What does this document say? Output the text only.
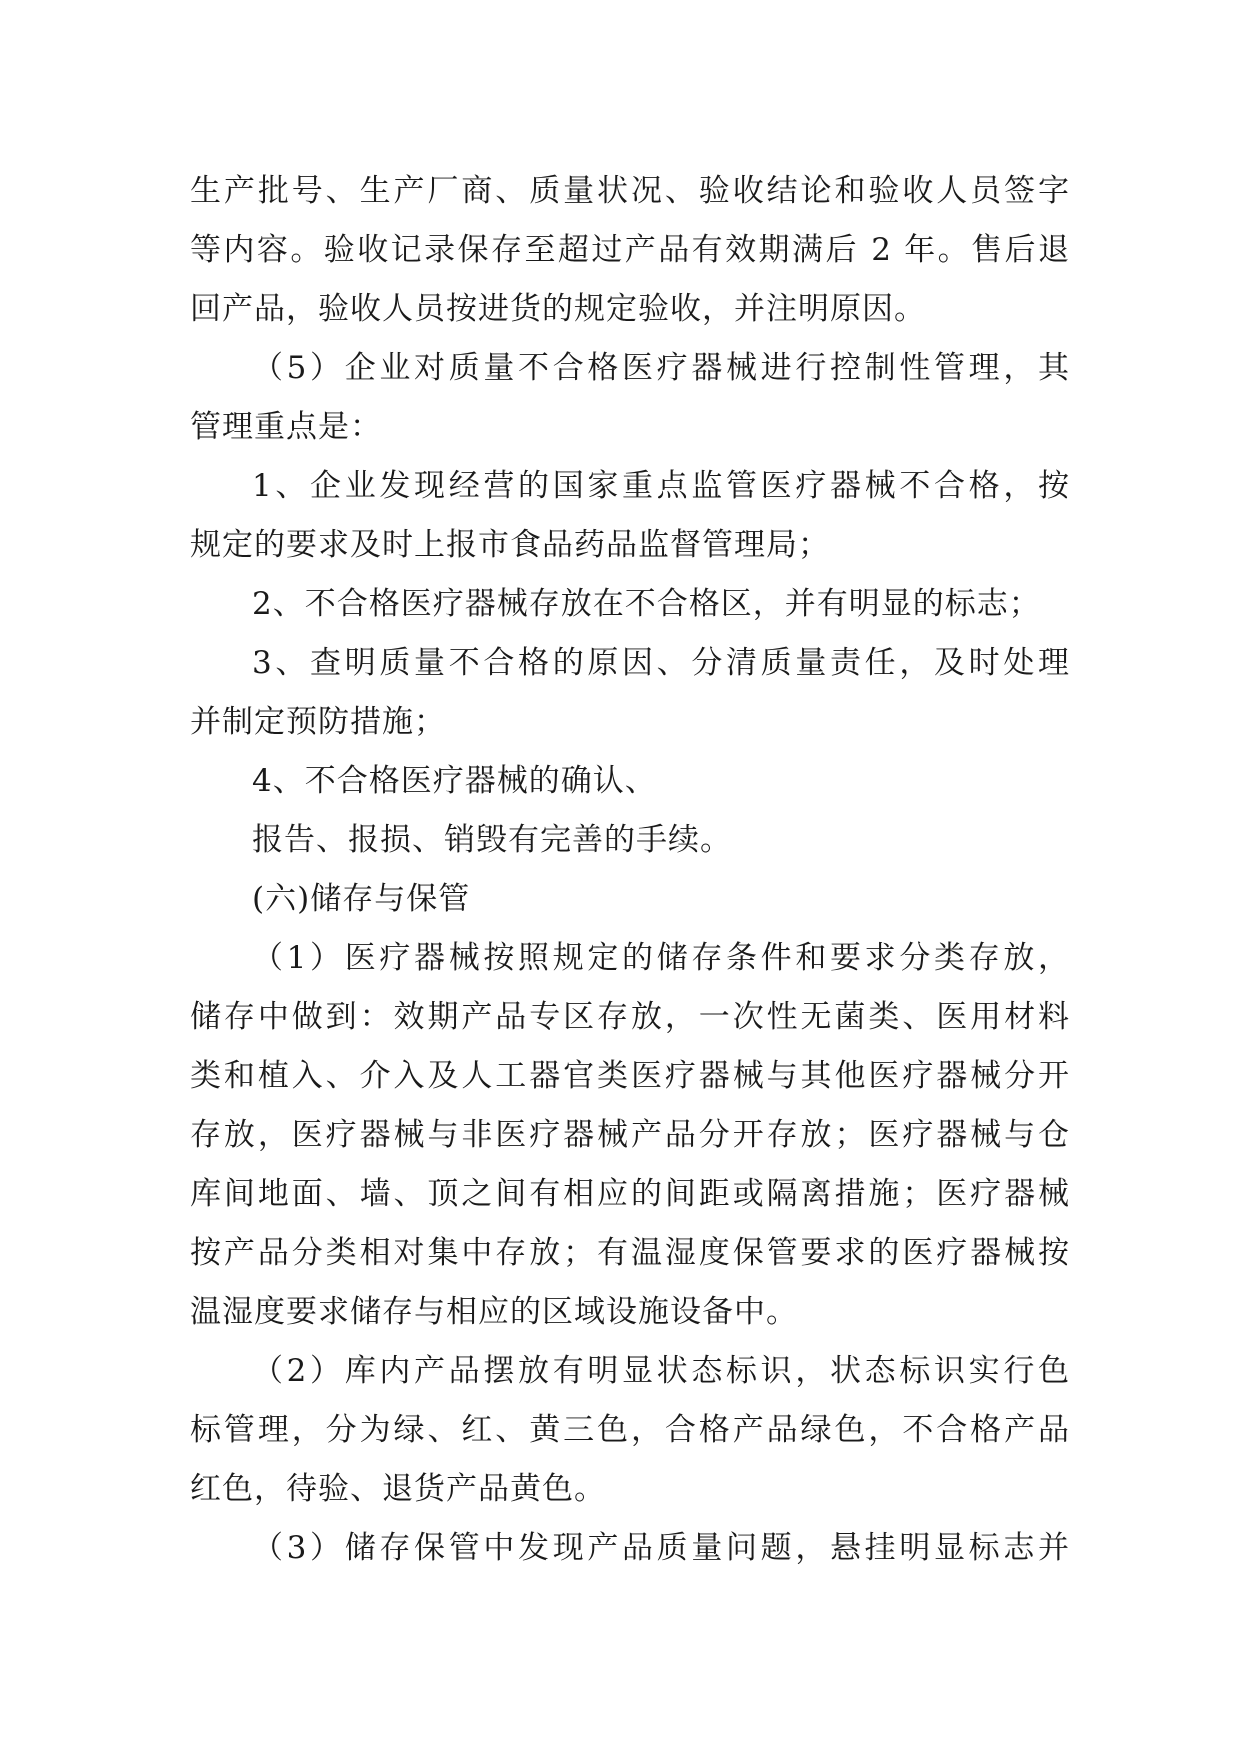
生产批号、生产厂商、质量状况、验收结论和验收人员签字
等内容。验收记录保存至超过产品有效期满后 2 年。售后退
回产品，验收人员按进货的规定验收，并注明原因。
（5）企业对质量不合格医疗器械进行控制性管理，其
管理重点是：
1、企业发现经营的国家重点监管医疗器械不合格，按
规定的要求及时上报市食品药品监督管理局；
2、不合格医疗器械存放在不合格区，并有明显的标志；
3、查明质量不合格的原因、分清质量责任，及时处理
并制定预防措施；
4、不合格医疗器械的确认、
报告、报损、销毁有完善的手续。
(六)储存与保管
（1）医疗器械按照规定的储存条件和要求分类存放，
储存中做到：效期产品专区存放，一次性无菌类、医用材料
类和植入、介入及人工器官类医疗器械与其他医疗器械分开
存放，医疗器械与非医疗器械产品分开存放；医疗器械与仓
库间地面、墙、顶之间有相应的间距或隔离措施；医疗器械
按产品分类相对集中存放；有温湿度保管要求的医疗器械按
温湿度要求储存与相应的区域设施设备中。
（2）库内产品摆放有明显状态标识，状态标识实行色
标管理，分为绿、红、黄三色，合格产品绿色，不合格产品
红色，待验、退货产品黄色。
（3）储存保管中发现产品质量问题，悬挂明显标志并
